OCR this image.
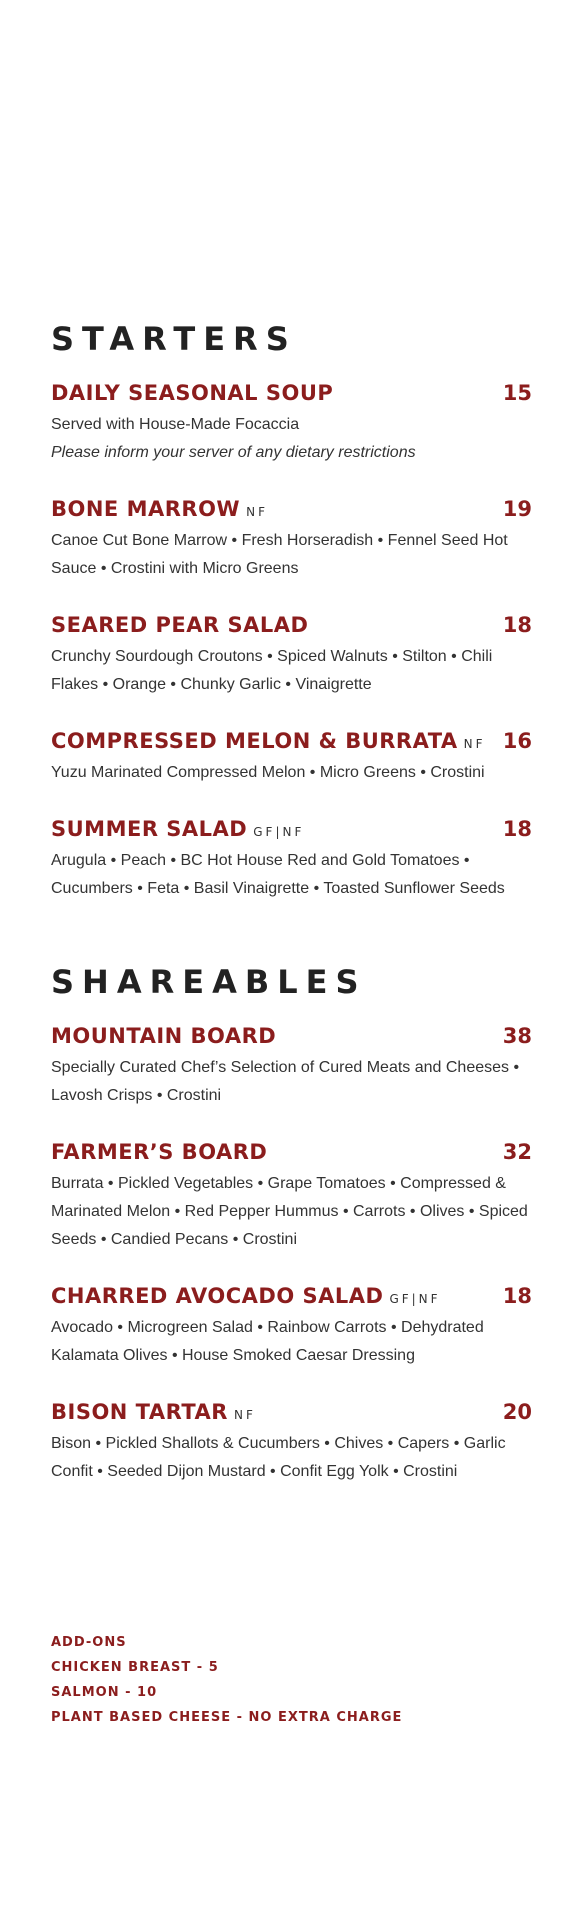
STARTERS
DAILY SEASONAL SOUP	15
Served with House-Made Focaccia
Please inform your server of any dietary restrictions
BONE MARROW NF	19
Canoe Cut Bone Marrow • Fresh Horseradish • Fennel Seed Hot Sauce • Crostini with Micro Greens
SEARED PEAR SALAD	18
Crunchy Sourdough Croutons • Spiced Walnuts • Stilton • Chili Flakes • Orange • Chunky Garlic • Vinaigrette
COMPRESSED MELON & BURRATA NF 16
Yuzu Marinated Compressed Melon • Micro Greens • Crostini
SUMMER SALAD GF|NF	18
Arugula • Peach • BC Hot House Red and Gold Tomatoes • Cucumbers • Feta • Basil Vinaigrette • Toasted Sunflower Seeds
SHAREABLES
MOUNTAIN BOARD	38
Specially Curated Chef’s Selection of Cured Meats and Cheeses • Lavosh Crisps • Crostini
FARMER’S BOARD	32
Burrata • Pickled Vegetables • Grape Tomatoes • Compressed & Marinated Melon • Red Pepper Hummus • Carrots • Olives • Spiced Seeds • Candied Pecans • Crostini
CHARRED AVOCADO SALAD GF|NF	18
Avocado • Microgreen Salad • Rainbow Carrots • Dehydrated Kalamata Olives • House Smoked Caesar Dressing
BISON TARTAR NF	20
Bison • Pickled Shallots & Cucumbers • Chives • Capers • Garlic Confit • Seeded Dijon Mustard • Confit Egg Yolk • Crostini
ADD-ONS
CHICKEN BREAST - 5
SALMON - 10
PLANT BASED CHEESE - NO EXTRA CHARGE
